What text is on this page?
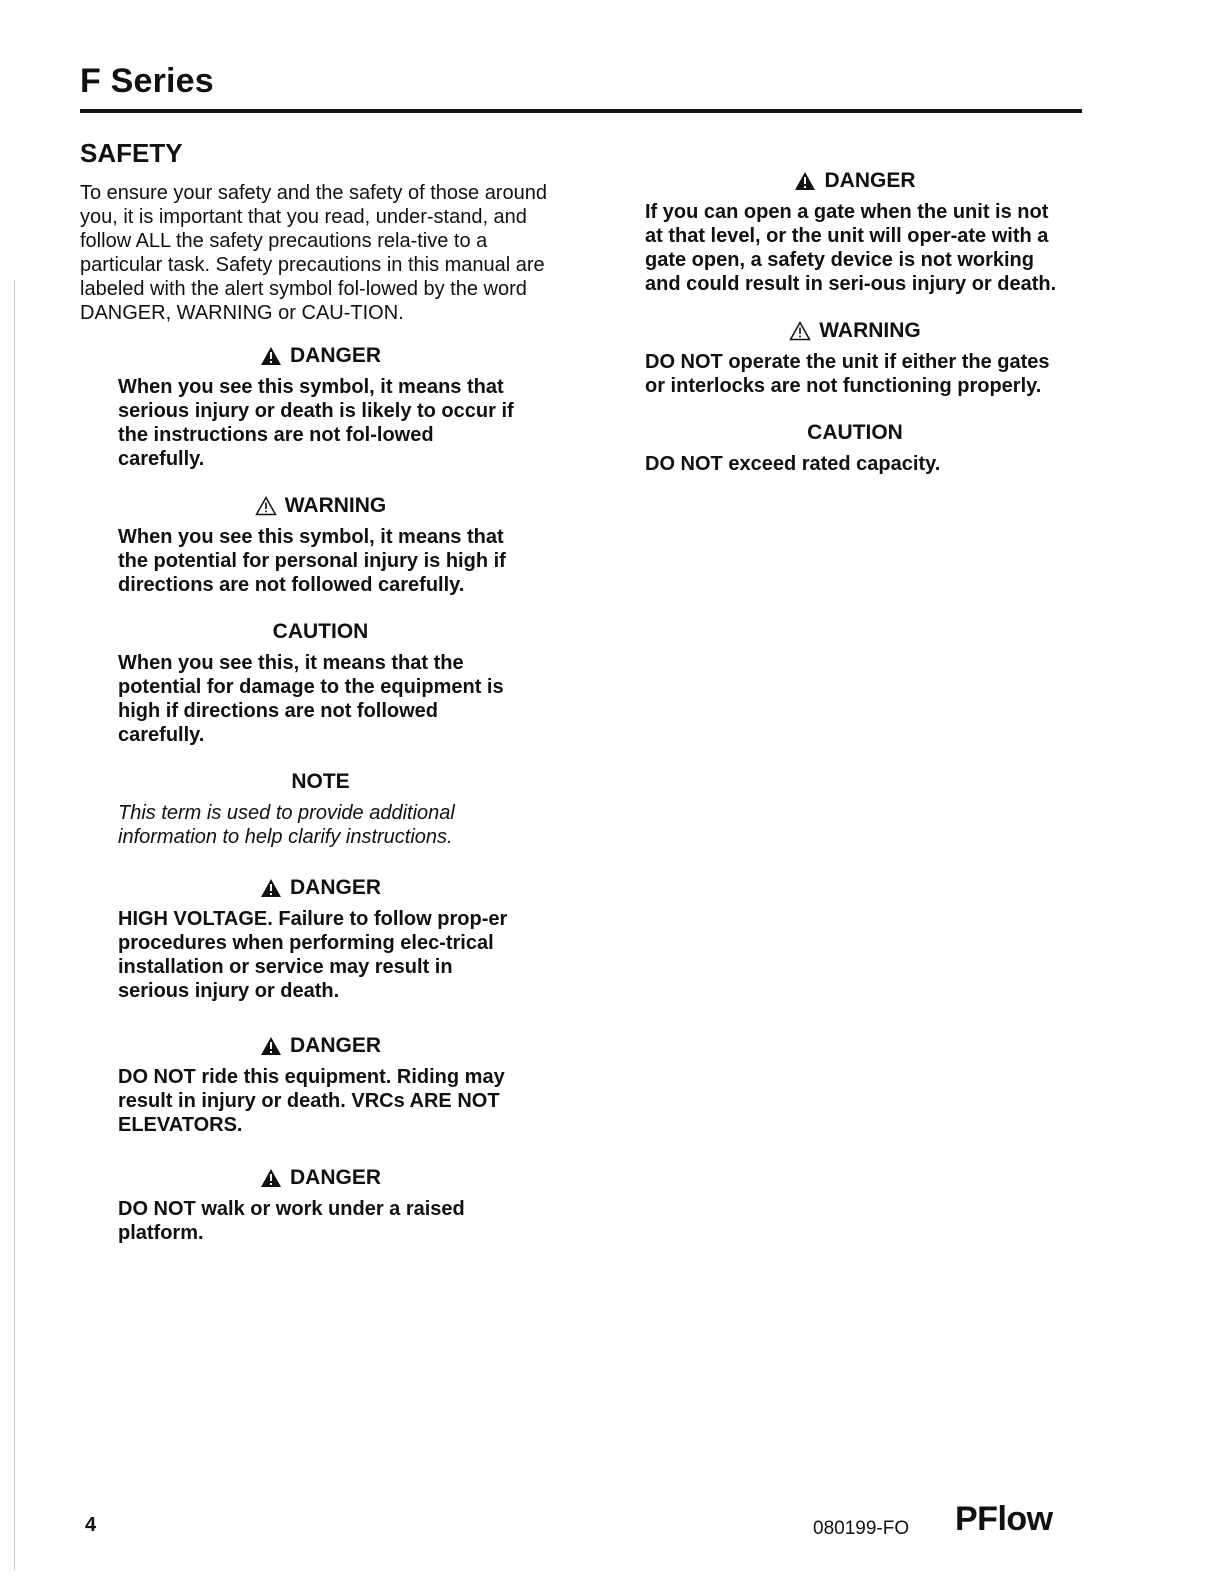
F Series
SAFETY

To ensure your safety and the safety of those around you, it is important that you read, under-stand, and follow ALL the safety precautions rela-tive to a particular task. Safety precautions in this manual are labeled with the alert symbol fol-lowed by the word DANGER, WARNING or CAU-TION.

DANGER

When you see this symbol, it means that serious injury or death is likely to occur if the instructions are not fol-lowed carefully.

WARNING

When you see this symbol, it means that the potential for personal injury is high if directions are not followed carefully.

CAUTION

When you see this, it means that the potential for damage to the equipment is high if directions are not followed carefully.

NOTE

This term is used to provide additional information to help clarify instructions.

DANGER

HIGH VOLTAGE. Failure to follow prop-er procedures when performing elec-trical installation or service may result in serious injury or death.

DANGER

DO NOT ride this equipment. Riding may result in injury or death. VRCs ARE NOT ELEVATORS.

DANGER

DO NOT walk or work under a raised platform.

DANGER

If you can open a gate when the unit is not at that level, or the unit will oper-ate with a gate open, a safety device is not working and could result in seri-ous injury or death.

WARNING

DO NOT operate the unit if either the gates or interlocks are not functioning properly.

CAUTION

DO NOT exceed rated capacity.

4	080199-FO PFlow
